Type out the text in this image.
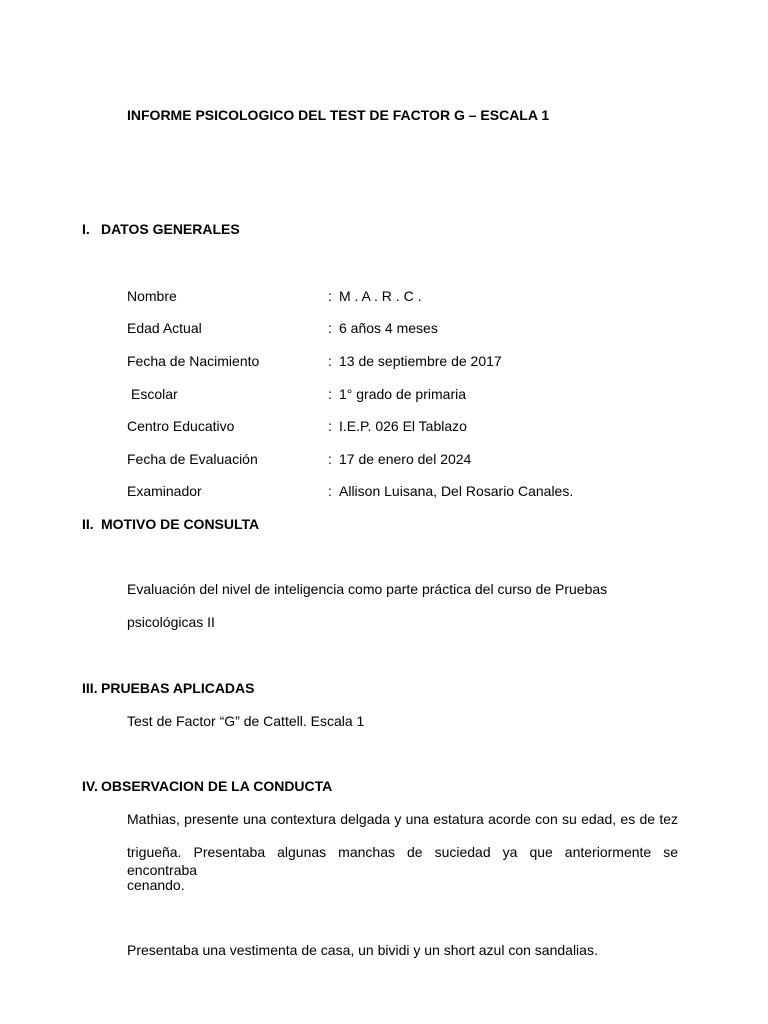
INFORME PSICOLOGICO DEL TEST DE FACTOR G – ESCALA 1
I. DATOS GENERALES
Nombre	: M . A . R . C .
Edad Actual	: 6 años 4 meses
Fecha de Nacimiento	: 13 de septiembre de 2017
Escolar	: 1° grado de primaria
Centro Educativo	: I.E.P. 026 El Tablazo
Fecha de Evaluación	: 17 de enero del 2024
Examinador	: Allison Luisana, Del Rosario Canales.
II. MOTIVO DE CONSULTA
Evaluación del nivel de inteligencia como parte práctica del curso de Pruebas
psicológicas II
III. PRUEBAS APLICADAS
Test de Factor “G” de Cattell. Escala 1
IV. OBSERVACION DE LA CONDUCTA
Mathias, presente una contextura delgada y una estatura acorde con su edad, es de tez
trigueña. Presentaba algunas manchas de suciedad ya que anteriormente se encontraba
cenando.
Presentaba una vestimenta de casa, un bividi y un short azul con sandalias.
